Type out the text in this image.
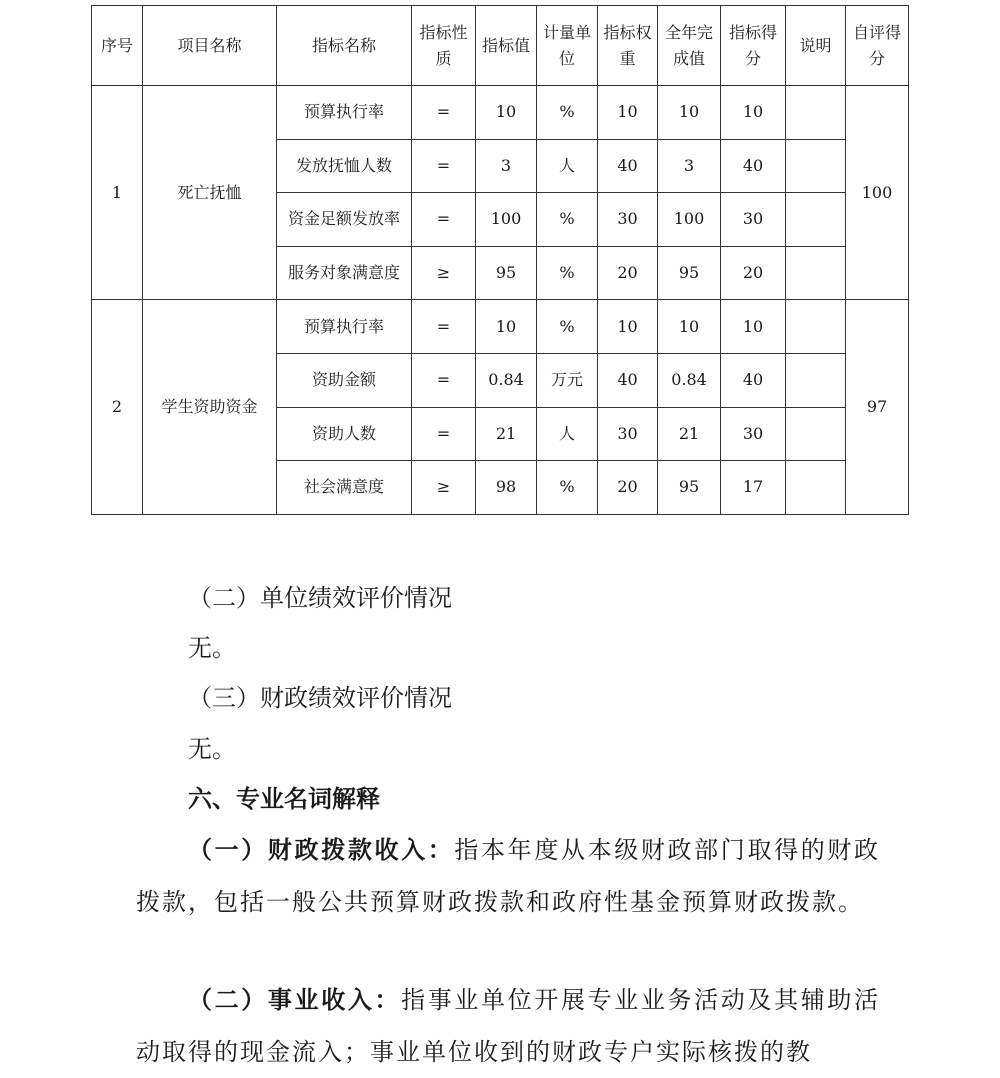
序号	项目名称	指标名称	指标性质	指标值	计量单位	指标权重	全年完成值	指标得分	说明	自评得分
1	死亡抚恤	预算执行率	=	10	%	10	10	10		100
		发放抚恤人数	=	3	人	40	3	40		
		资金足额发放率	=	100	%	30	100	30		
		服务对象满意度	≥	95	%	20	95	20		
2	学生资助资金	预算执行率	=	10	%	10	10	10		97
		资助金额	=	0.84	万元	40	0.84	40		
		资助人数	=	21	人	30	21	30		
		社会满意度	≥	98	%	20	95	17		
（二）单位绩效评价情况
无。
（三）财政绩效评价情况
无。
六、专业名词解释
（一）财政拨款收入：指本年度从本级财政部门取得的财政拨款，包括一般公共预算财政拨款和政府性基金预算财政拨款。
（二）事业收入：指事业单位开展专业业务活动及其辅助活动取得的现金流入；事业单位收到的财政专户实际核拨的教
